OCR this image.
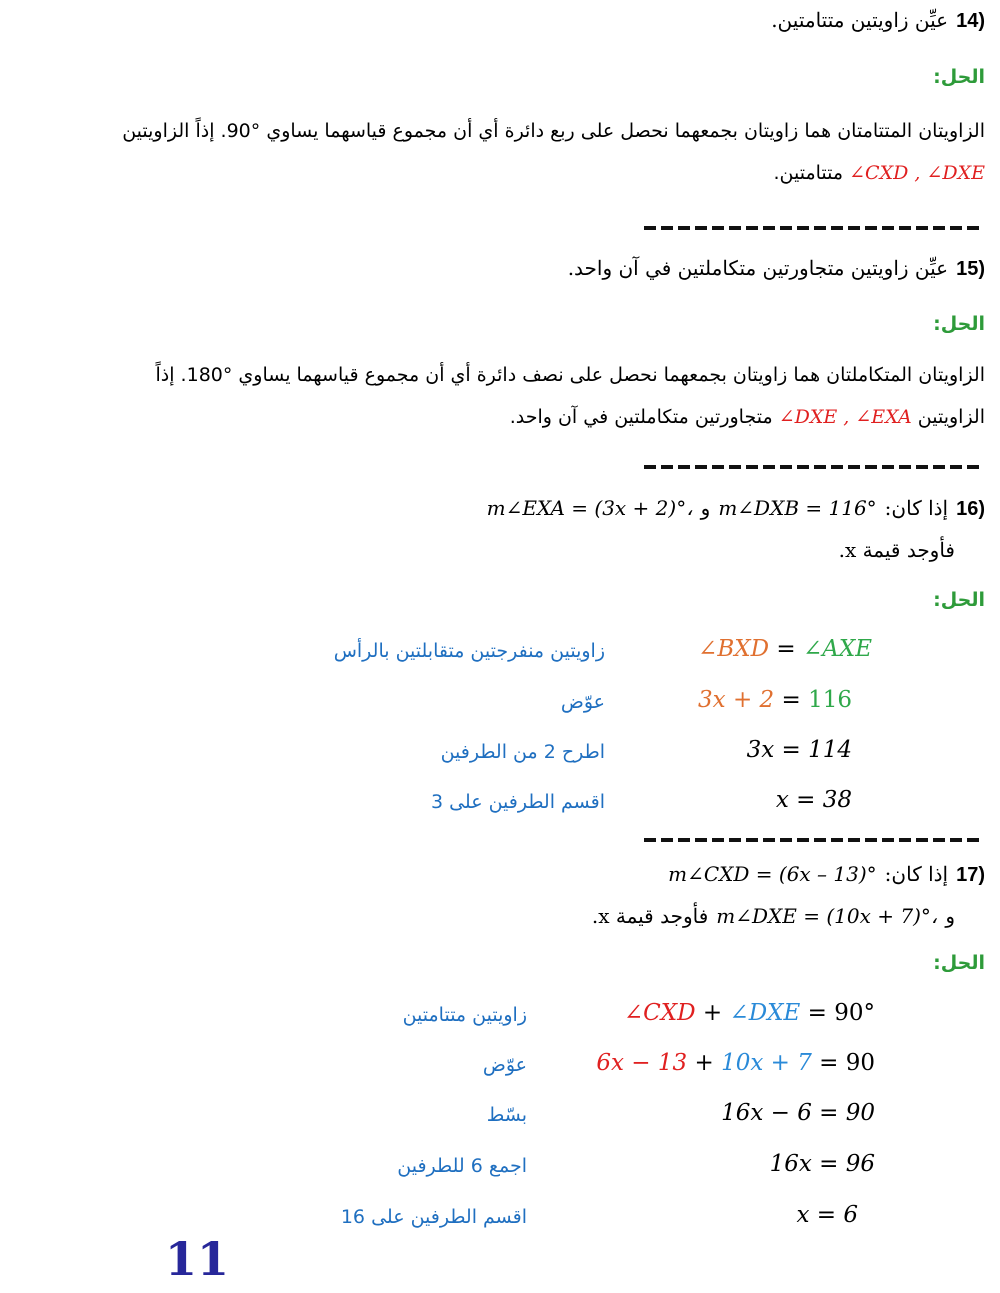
14)
عيِّن زاويتين متتامتين.
الحل:
الزاويتان المتتامتان هما زاويتان بجمعهما نحصل على ربع دائرة أي أن مجموع قياسهما يساوي °90. إذاً الزاويتين
∠CXD , ∠DXE متتامتين.
15)
عيِّن زاويتين متجاورتين متكاملتين في آن واحد.
الحل:
الزاويتان المتكاملتان هما زاويتان بجمعهما نحصل على نصف دائرة أي أن مجموع قياسهما يساوي °180. إذاً
الزاويتين ∠DXE , ∠EXA متجاورتين متكاملتين في آن واحد.
16)
إذا كان:
m∠DXB = 116°
و
m∠EXA = (3x + 2)°،
فأوجد قيمة x.
الحل:
∠BXD = ∠AXE
زاويتين منفرجتين متقابلتين بالرأس
3x + 2 = 116
عوّض
3x = 114
اطرح 2 من الطرفين
x = 38
اقسم الطرفين على 3
17)
إذا كان:
m∠CXD = (6x – 13)°
و
m∠DXE = (10x + 7)°،
فأوجد قيمة x.
الحل:
∠CXD + ∠DXE = 90°
زاويتين متتامتين
6x − 13 + 10x + 7 = 90
عوّض
16x − 6 = 90
بسّط
16x = 96
اجمع 6 للطرفين
x = 6
اقسم الطرفين على 16
11
